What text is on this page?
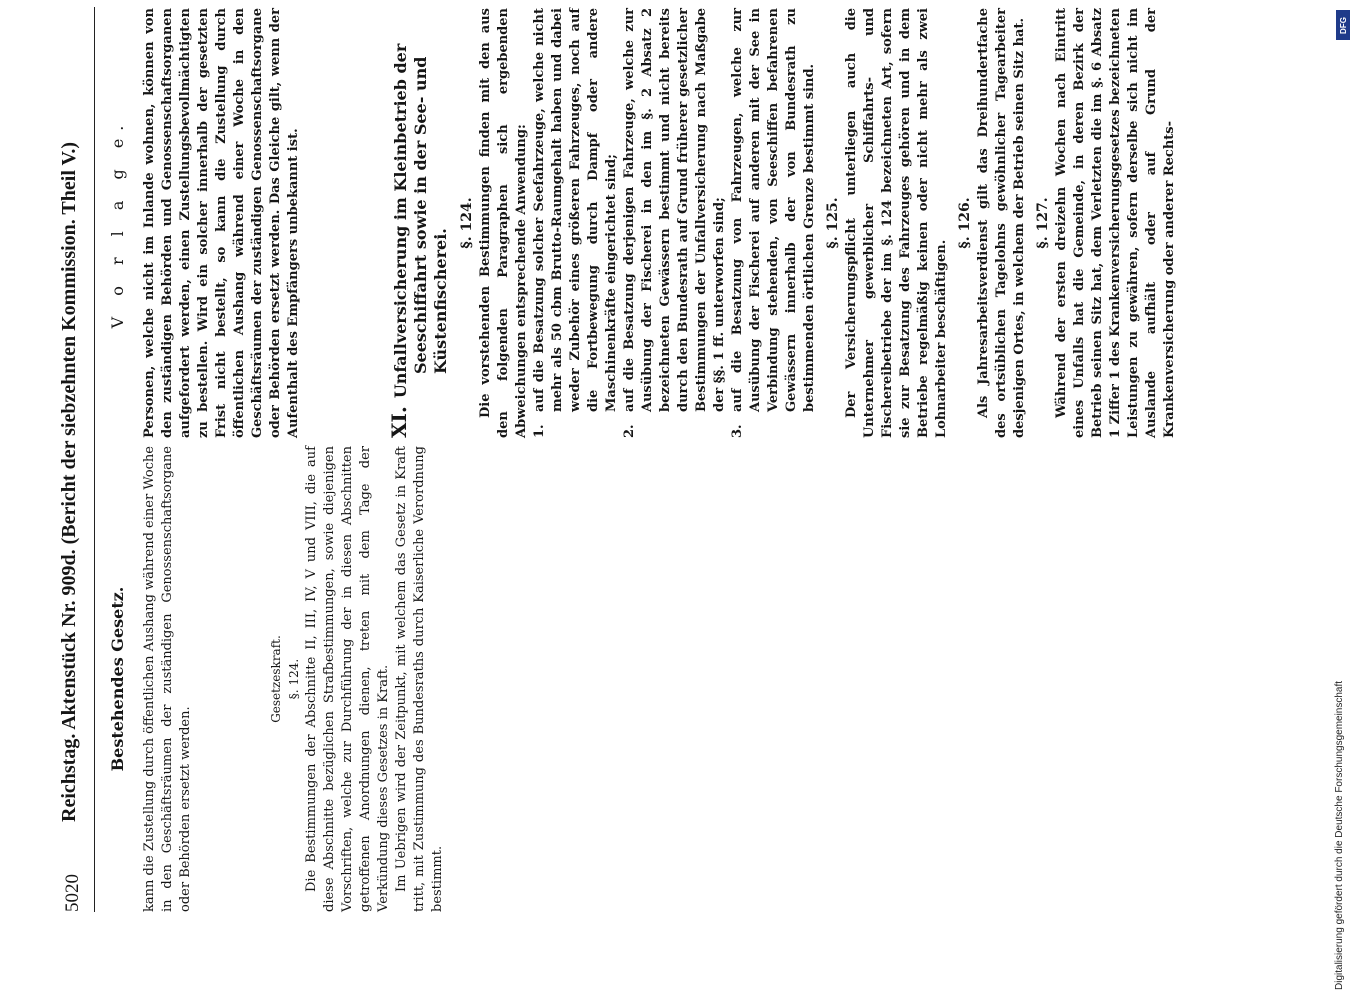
5020
Reichstag. Aktenstück Nr. 909d. (Bericht der siebzehnten Kommission. Theil V.) Bestehendes Gesetz. kann die Zustellung durch öffentlichen Aushang während einer Woche in den Geschäftsräumen der zuständigen Genossenschaftsorgane oder Behörden ersetzt werden.

Gesetzeskraft. §. 124. Die Bestimmungen der Abschnitte II, III, IV, V und VIII, die auf diese Abschnitte bezüglichen Strafbestimmungen, sowie diejenigen Vorschriften, welche zur Durchführung der in diesen Abschnitten getroffenen Anordnungen dienen, treten mit dem Tage der Verkündung dieses Gesetzes in Kraft. Im Uebrigen wird der Zeitpunkt, mit welchem das Gesetz in Kraft tritt, mit Zustimmung des Bundesraths durch Kaiserliche Verordnung bestimmt.

V o r l a g e. Personen, welche nicht im Inlande wohnen, können von den zuständigen Behörden und Genossenschaftsorganen aufgefordert werden, einen Zustellungsbevollmächtigten zu bestellen. Wird ein solcher innerhalb der gesetzten Frist nicht bestellt, so kann die Zustellung durch öffentlichen Aushang während einer Woche in den Geschäftsräumen der zuständigen Genossenschaftsorgane oder Behörden ersetzt werden. Das Gleiche gilt, wenn der Aufenthalt des Empfängers unbekannt ist.	XI.Unfallversicherung im Kleinbetrieb der Seeschiffahrt sowie in der See- und Küstenfischerei.
§. 124. Die vorstehenden Bestimmungen finden mit den aus den folgenden Paragraphen sich ergebenden Abweichungen entsprechende Anwendung: 1.
auf die Besatzung solcher Seefahrzeuge, welche nicht mehr als 50 cbm Brutto-Raumgehalt haben und dabei weder Zubehör eines größeren Fahrzeuges, noch auf die Fortbewegung durch Dampf oder andere Maschinenkräfte eingerichtet sind;

2.
auf die Besatzung derjenigen Fahrzeuge, welche zur Ausübung der Fischerei in den im §. 2 Absatz 2 bezeichneten Gewässern bestimmt und nicht bereits durch den Bundesrath auf Grund früherer gesetzlicher Bestimmungen der Unfallversicherung nach Maßgabe der §§. 1 ff. unterworfen sind;

3.
auf die Besatzung von Fahrzeugen, welche zur Ausübung der Fischerei auf anderen mit der See in Verbindung stehenden, von Seeschiffen befahrenen Gewässern innerhalb der von Bundesrath zu bestimmenden örtlichen Grenze bestimmt sind. §. 125. Der Versicherungspflicht unterliegen auch die Unternehmer gewerblicher Schiffahrts- und Fischereibetriebe der im §. 124 bezeichneten Art, sofern sie zur Besatzung des Fahrzeuges gehören und in dem Betriebe regelmäßig keinen oder nicht mehr als zwei Lohnarbeiter beschäftigen.

§. 126. Als Jahresarbeitsverdienst gilt das Dreihundertfache des ortsüblichen Tagelohns gewöhnlicher Tagearbeiter desjenigen Ortes, in welchem der Betrieb seinen Sitz hat. §. 127. Während der ersten dreizehn Wochen nach Eintritt eines Unfalls hat die Gemeinde, in deren Bezirk der Betrieb seinen Sitz hat, dem Verletzten die im §. 6 Absatz 1 Ziffer 1 des Krankenversicherungsgesetzes bezeichneten Leistungen zu gewähren, sofern derselbe sich nicht im Auslande aufhält oder auf Grund der Krankenversicherung oder anderer Rechts-

Digitalisierung gefördert durch die Deutsche Forschungsgemeinschaft
DFG
